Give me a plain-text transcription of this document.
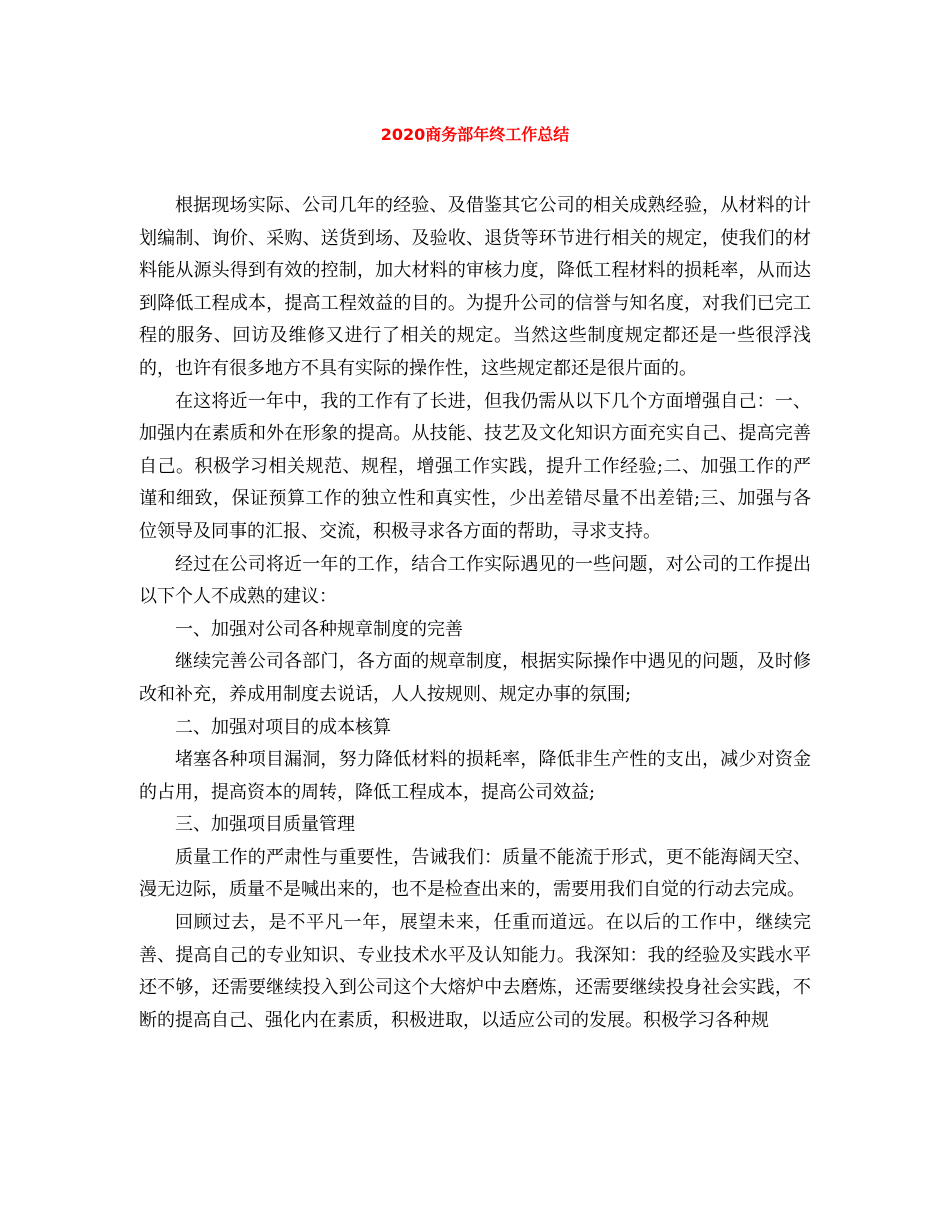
2020商务部年终工作总结

根据现场实际、公司几年的经验、及借鉴其它公司的相关成熟经验，从材料的计划编制、询价、采购、送货到场、及验收、退货等环节进行相关的规定，使我们的材料能从源头得到有效的控制，加大材料的审核力度，降低工程材料的损耗率，从而达到降低工程成本，提高工程效益的目的。为提升公司的信誉与知名度，对我们已完工程的服务、回访及维修又进行了相关的规定。当然这些制度规定都还是一些很浮浅的，也许有很多地方不具有实际的操作性，这些规定都还是很片面的。

在这将近一年中，我的工作有了长进，但我仍需从以下几个方面增强自己：一、加强内在素质和外在形象的提高。从技能、技艺及文化知识方面充实自己、提高完善自己。积极学习相关规范、规程，增强工作实践，提升工作经验;二、加强工作的严谨和细致，保证预算工作的独立性和真实性，少出差错尽量不出差错;三、加强与各位领导及同事的汇报、交流，积极寻求各方面的帮助，寻求支持。

经过在公司将近一年的工作，结合工作实际遇见的一些问题，对公司的工作提出以下个人不成熟的建议：

一、加强对公司各种规章制度的完善

继续完善公司各部门，各方面的规章制度，根据实际操作中遇见的问题，及时修改和补充，养成用制度去说话，人人按规则、规定办事的氛围;

二、加强对项目的成本核算

堵塞各种项目漏洞，努力降低材料的损耗率，降低非生产性的支出，减少对资金的占用，提高资本的周转，降低工程成本，提高公司效益;

三、加强项目质量管理

质量工作的严肃性与重要性，告诫我们：质量不能流于形式，更不能海阔天空、漫无边际，质量不是喊出来的，也不是检查出来的，需要用我们自觉的行动去完成。

回顾过去，是不平凡一年，展望未来，任重而道远。在以后的工作中，继续完善、提高自己的专业知识、专业技术水平及认知能力。我深知：我的经验及实践水平还不够，还需要继续投入到公司这个大熔炉中去磨炼，还需要继续投身社会实践，不断的提高自己、强化内在素质，积极进取，以适应公司的发展。积极学习各种规
